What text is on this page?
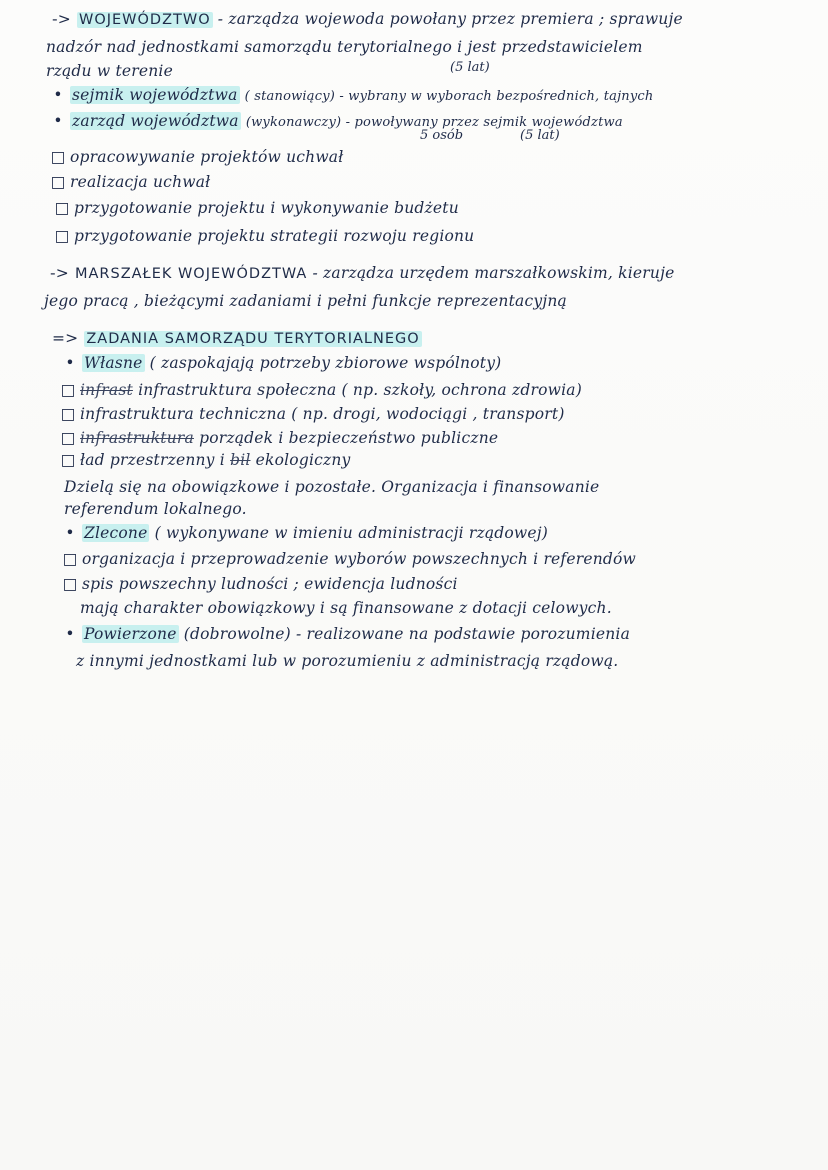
-> WOJEWÓDZTWO - zarządza wojewoda powołany przez premiera ; sprawuje
nadzór nad jednostkami samorządu terytorialnego i jest przedstawicielem
rządu w terenie	(5 lat)
• sejmik województwa ( stanowiący) - wybrany w wyborach bezpośrednich, tajnych
• zarząd województwa (wykonawczy) - powoływany przez sejmik województwa
5 osób	(5 lat)
□ opracowywanie projektów uchwał
□ realizacja uchwał
□ przygotowanie projektu i wykonywanie budżetu
□ przygotowanie projektu strategii rozwoju regionu
-> MARSZAŁEK WOJEWÓDZTWA - zarządza urzędem marszałkowskim, kieruje
jego pracą , bieżącymi zadaniami i pełni funkcje reprezentacyjną
=> ZADANIA SAMORZĄDU TERYTORIALNEGO
• Własne ( zaspokajają potrzeby zbiorowe wspólnoty)
□ infrast infrastruktura społeczna ( np. szkoły, ochrona zdrowia)
□ infrastruktura techniczna ( np. drogi, wodociągi , transport)
□ infrastruktura porządek i bezpieczeństwo publiczne
□ ład przestrzenny i bil ekologiczny
Dzielą się na obowiązkowe i pozostałe. Organizacja i finansowanie
referendum lokalnego.
• Zlecone ( wykonywane w imieniu administracji rządowej)
□ organizacja i przeprowadzenie wyborów powszechnych i referendów
□ spis powszechny ludności ; ewidencja ludności
mają charakter obowiązkowy i są finansowane z dotacji celowych.
• Powierzone (dobrowolne) - realizowane na podstawie porozumienia
z innymi jednostkami lub w porozumieniu z administracją rządową.
